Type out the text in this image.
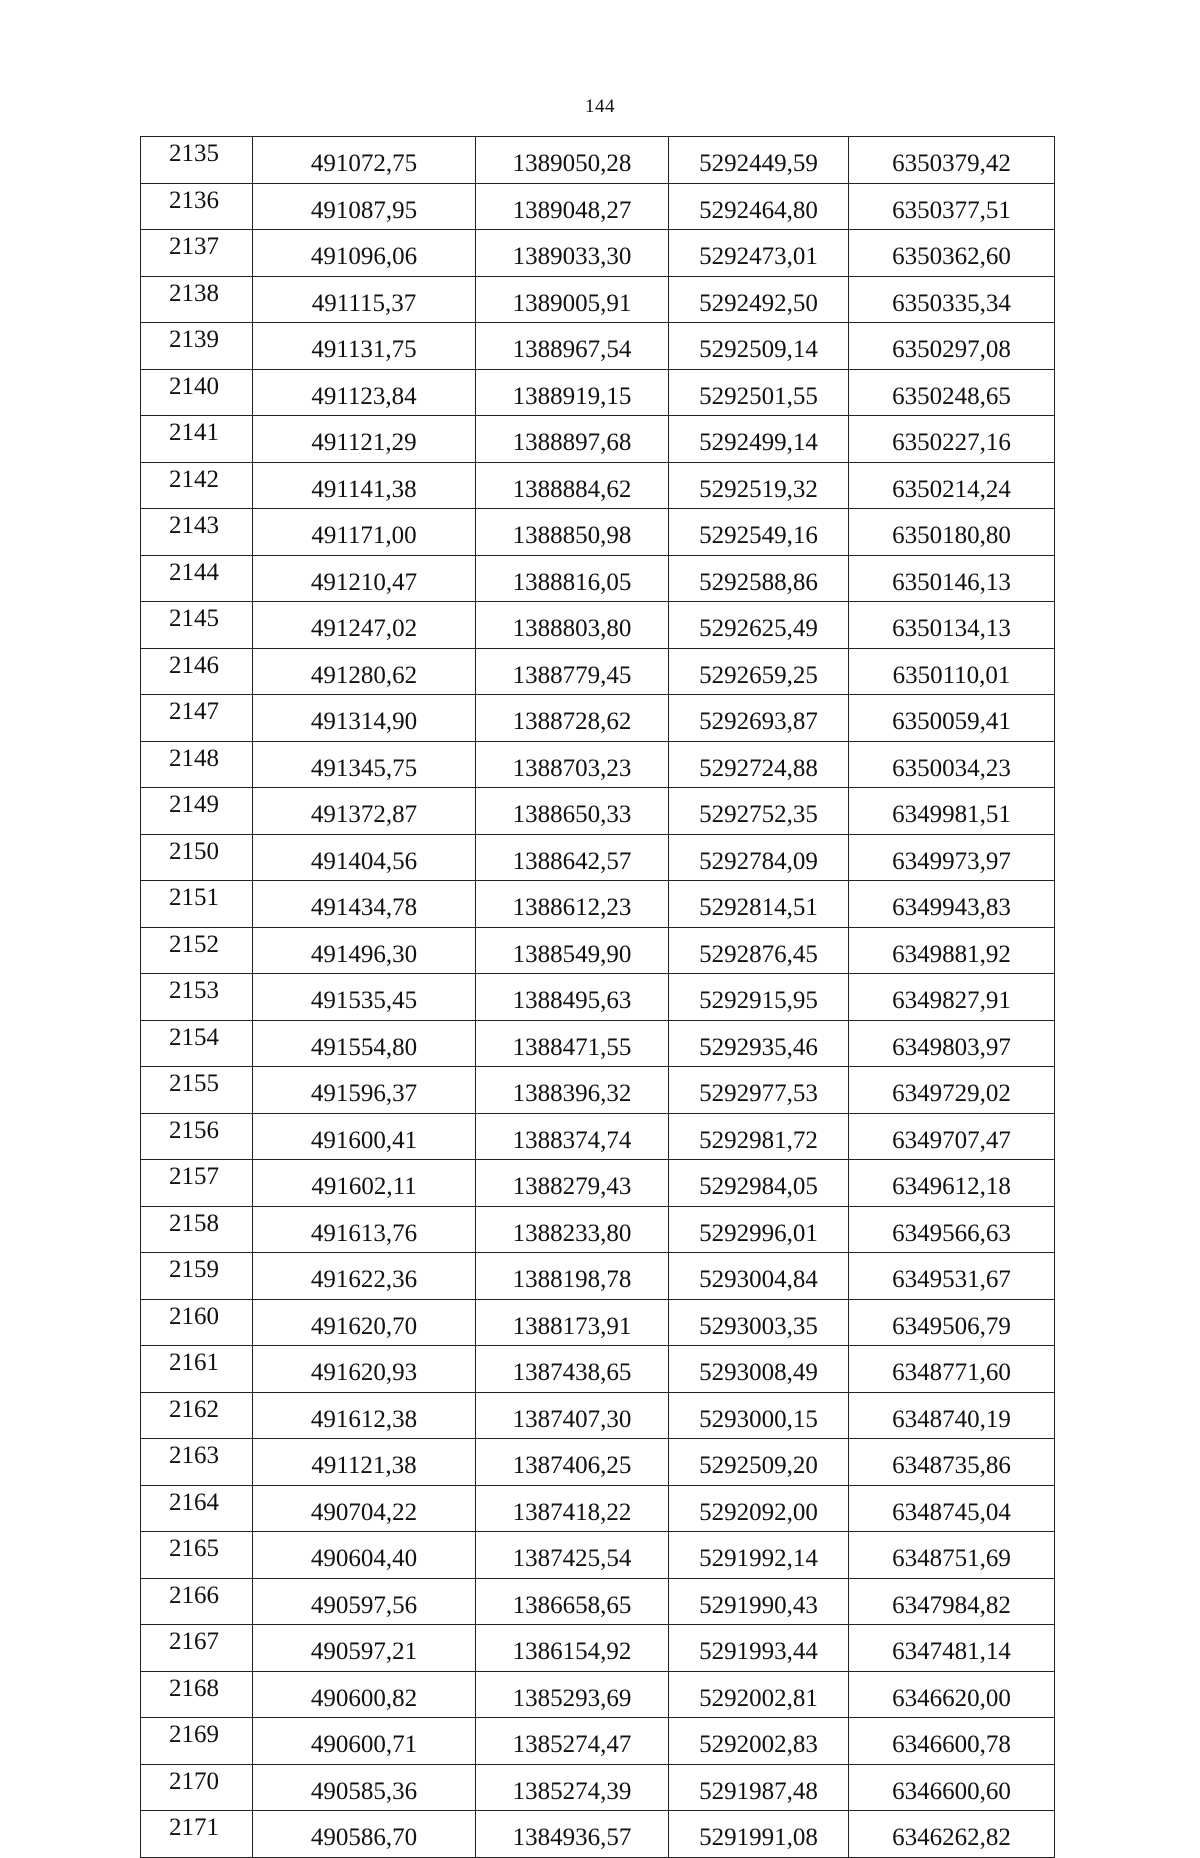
144
2135	491072,75	1389050,28	5292449,59	6350379,42
2136	491087,95	1389048,27	5292464,80	6350377,51
2137	491096,06	1389033,30	5292473,01	6350362,60
2138	491115,37	1389005,91	5292492,50	6350335,34
2139	491131,75	1388967,54	5292509,14	6350297,08
2140	491123,84	1388919,15	5292501,55	6350248,65
2141	491121,29	1388897,68	5292499,14	6350227,16
2142	491141,38	1388884,62	5292519,32	6350214,24
2143	491171,00	1388850,98	5292549,16	6350180,80
2144	491210,47	1388816,05	5292588,86	6350146,13
2145	491247,02	1388803,80	5292625,49	6350134,13
2146	491280,62	1388779,45	5292659,25	6350110,01
2147	491314,90	1388728,62	5292693,87	6350059,41
2148	491345,75	1388703,23	5292724,88	6350034,23
2149	491372,87	1388650,33	5292752,35	6349981,51
2150	491404,56	1388642,57	5292784,09	6349973,97
2151	491434,78	1388612,23	5292814,51	6349943,83
2152	491496,30	1388549,90	5292876,45	6349881,92
2153	491535,45	1388495,63	5292915,95	6349827,91
2154	491554,80	1388471,55	5292935,46	6349803,97
2155	491596,37	1388396,32	5292977,53	6349729,02
2156	491600,41	1388374,74	5292981,72	6349707,47
2157	491602,11	1388279,43	5292984,05	6349612,18
2158	491613,76	1388233,80	5292996,01	6349566,63
2159	491622,36	1388198,78	5293004,84	6349531,67
2160	491620,70	1388173,91	5293003,35	6349506,79
2161	491620,93	1387438,65	5293008,49	6348771,60
2162	491612,38	1387407,30	5293000,15	6348740,19
2163	491121,38	1387406,25	5292509,20	6348735,86
2164	490704,22	1387418,22	5292092,00	6348745,04
2165	490604,40	1387425,54	5291992,14	6348751,69
2166	490597,56	1386658,65	5291990,43	6347984,82
2167	490597,21	1386154,92	5291993,44	6347481,14
2168	490600,82	1385293,69	5292002,81	6346620,00
2169	490600,71	1385274,47	5292002,83	6346600,78
2170	490585,36	1385274,39	5291987,48	6346600,60
2171	490586,70	1384936,57	5291991,08	6346262,82
